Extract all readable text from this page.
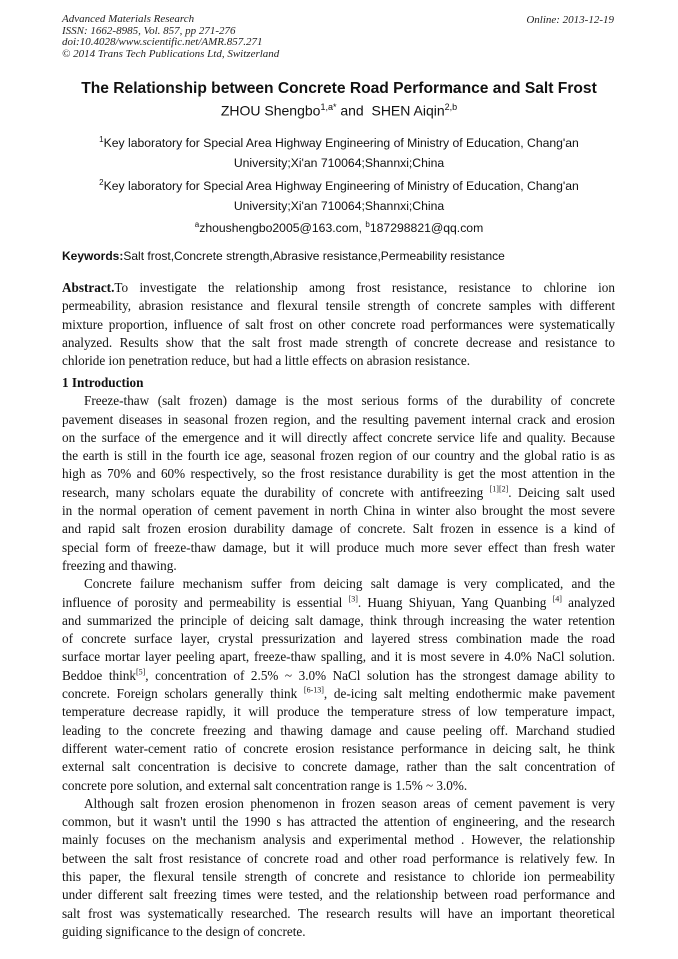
Advanced Materials Research
ISSN: 1662-8985, Vol. 857, pp 271-276
doi:10.4028/www.scientific.net/AMR.857.271
© 2014 Trans Tech Publications Ltd, Switzerland
Online: 2013-12-19
The Relationship between Concrete Road Performance and Salt Frost
ZHOU Shengbo$^{1,a*}$ and  SHEN Aiqin$^{2,b}$
$^1$Key laboratory for Special Area Highway Engineering of Ministry of Education, Chang'an
University;Xi'an 710064;Shannxi;China
$^2$Key laboratory for Special Area Highway Engineering of Ministry of Education, Chang'an
University;Xi'an 710064;Shannxi;China
$^a$zhoushengbo2005@163.com, $^b$187298821@qq.com
Keywords:Salt frost,Concrete strength,Abrasive resistance,Permeability resistance
Abstract.To investigate the relationship among frost resistance, resistance to chlorine ion
permeability, abrasion resistance and flexural tensile strength of concrete samples with different
mixture proportion, influence of salt frost on other concrete road performances were systematically
analyzed. Results show that the salt frost made strength of concrete decrease and resistance to
chloride ion penetration reduce, but had a little effects on abrasion resistance.
1 Introduction
Freeze-thaw (salt frozen) damage is the most serious forms of the durability of concrete
pavement diseases in seasonal frozen region, and the resulting pavement internal crack and erosion
on the surface of the emergence and it will directly affect concrete service life and quality. Because
the earth is still in the fourth ice age, seasonal frozen region of our country and the global ratio is as
high as 70% and 60% respectively, so the frost resistance durability is get the most attention in the
research, many scholars equate the durability of concrete with antifreezing [1][2]. Deicing salt used
in the normal operation of cement pavement in north China in winter also brought the most severe
and rapid salt frozen erosion durability damage of concrete. Salt frozen in essence is a kind of
special form of freeze-thaw damage, but it will produce much more sever effect than fresh water
freezing and thawing.
Concrete failure mechanism suffer from deicing salt damage is very complicated, and the
influence of porosity and permeability is essential [3]. Huang Shiyuan, Yang Quanbing [4] analyzed
and summarized the principle of deicing salt damage, think through increasing the water retention
of concrete surface layer, crystal pressurization and layered stress combination made the road
surface mortar layer peeling apart, freeze-thaw spalling, and it is most severe in 4.0% NaCl solution.
Beddoe think[5], concentration of 2.5% ~ 3.0% NaCl solution has the strongest damage ability to
concrete. Foreign scholars generally think [6-13], de-icing salt melting endothermic make pavement
temperature decrease rapidly, it will produce the temperature stress of low temperature impact,
leading to the concrete freezing and thawing damage and cause peeling off. Marchand studied
different water-cement ratio of concrete erosion resistance performance in deicing salt, he think
external salt concentration is decisive to concrete damage, rather than the salt concentration of
concrete pore solution, and external salt concentration range is 1.5% ~ 3.0%.
Although salt frozen erosion phenomenon in frozen season areas of cement pavement is very
common, but it wasn't until the 1990 s has attracted the attention of engineering, and the research
mainly focuses on the mechanism analysis and experimental method . However, the relationship
between the salt frost resistance of concrete road and other road performance is relatively few. In
this paper, the flexural tensile strength of concrete and resistance to chloride ion permeability
under different salt freezing times were tested, and the relationship between road performance and
salt frost was systematically researched. The research results will have an important theoretical
guiding significance to the design of concrete.
